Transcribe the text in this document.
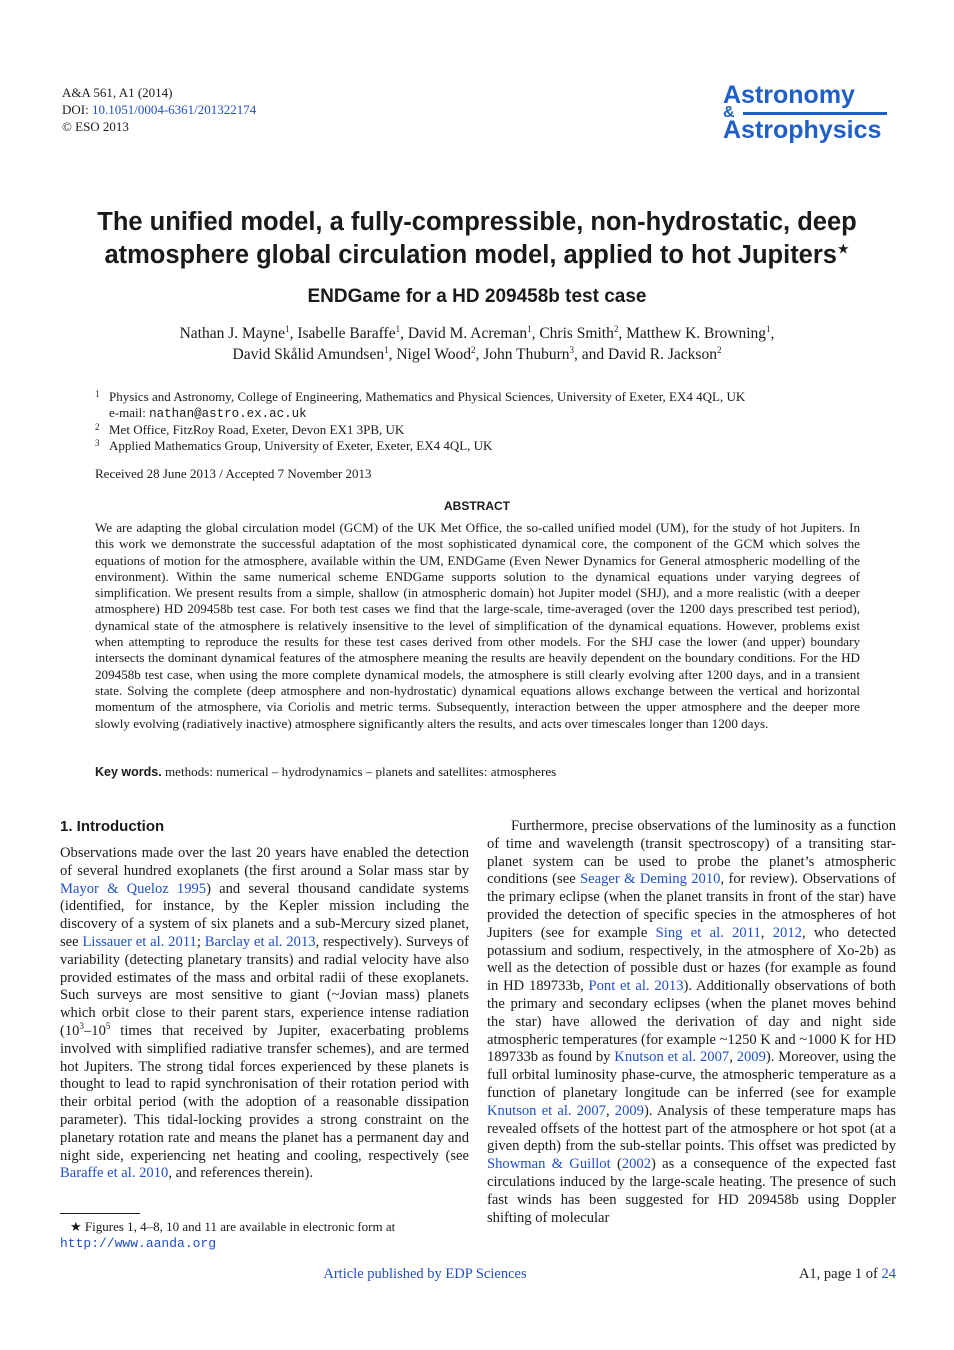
A&A 561, A1 (2014)
DOI: 10.1051/0004-6361/201322174
© ESO 2013
Astronomy
&
Astrophysics
The unified model, a fully-compressible, non-hydrostatic, deep
atmosphere global circulation model, applied to hot Jupiters★
ENDGame for a HD 209458b test case
Nathan J. Mayne$^1$, Isabelle Baraffe$^1$, David M. Acreman$^1$, Chris Smith$^2$, Matthew K. Browning$^1$,
David Skålid Amundsen$^1$, Nigel Wood$^2$, John Thuburn$^3$, and David R. Jackson$^2$
1 Physics and Astronomy, College of Engineering, Mathematics and Physical Sciences, University of Exeter, EX4 4QL, UK
e-mail: nathan@astro.ex.ac.uk
2 Met Office, FitzRoy Road, Exeter, Devon EX1 3PB, UK
3 Applied Mathematics Group, University of Exeter, Exeter, EX4 4QL, UK
Received 28 June 2013 / Accepted 7 November 2013
ABSTRACT
We are adapting the global circulation model (GCM) of the UK Met Office, the so-called unified model (UM), for the study of hot Jupiters. In this work we demonstrate the successful adaptation of the most sophisticated dynamical core, the component of the GCM which solves the equations of motion for the atmosphere, available within the UM, ENDGame (Even Newer Dynamics for General atmospheric modelling of the environment). Within the same numerical scheme ENDGame supports solution to the dynamical equations under varying degrees of simplification. We present results from a simple, shallow (in atmospheric domain) hot Jupiter model (SHJ), and a more realistic (with a deeper atmosphere) HD 209458b test case. For both test cases we find that the large-scale, time-averaged (over the 1200 days prescribed test period), dynamical state of the atmosphere is relatively insensitive to the level of simplification of the dynamical equations. However, problems exist when attempting to reproduce the results for these test cases derived from other models. For the SHJ case the lower (and upper) boundary intersects the dominant dynamical features of the atmosphere meaning the results are heavily dependent on the boundary conditions. For the HD 209458b test case, when using the more complete dynamical models, the atmosphere is still clearly evolving after 1200 days, and in a transient state. Solving the complete (deep atmosphere and non-hydrostatic) dynamical equations allows exchange between the vertical and horizontal momentum of the atmosphere, via Coriolis and metric terms. Subsequently, interaction between the upper atmosphere and the deeper more slowly evolving (radiatively inactive) atmosphere significantly alters the results, and acts over timescales longer than 1200 days.
Key words. methods: numerical – hydrodynamics – planets and satellites: atmospheres
1. Introduction

Observations made over the last 20 years have enabled the detection of several hundred exoplanets (the first around a Solar mass star by Mayor & Queloz 1995) and several thousand candidate systems (identified, for instance, by the Kepler mission including the discovery of a system of six planets and a sub-Mercury sized planet, see Lissauer et al. 2011; Barclay et al. 2013, respectively). Surveys of variability (detecting planetary transits) and radial velocity have also provided estimates of the mass and orbital radii of these exoplanets. Such surveys are most sensitive to giant (~Jovian mass) planets which orbit close to their parent stars, experience intense radiation ($10^3-10^5$ times that received by Jupiter, exacerbating problems involved with simplified radiative transfer schemes), and are termed hot Jupiters. The strong tidal forces experienced by these planets is thought to lead to rapid synchronisation of their rotation period with their orbital period (with the adoption of a reasonable dissipation parameter). This tidal-locking provides a strong constraint on the planetary rotation rate and means the planet has a permanent day and night side, experiencing net heating and cooling, respectively (see Baraffe et al. 2010, and references therein).

Furthermore, precise observations of the luminosity as a function of time and wavelength (transit spectroscopy) of a transiting star-planet system can be used to probe the planet’s atmospheric conditions (see Seager & Deming 2010, for review). Observations of the primary eclipse (when the planet transits in front of the star) have provided the detection of specific species in the atmospheres of hot Jupiters (see for example Sing et al. 2011, 2012, who detected potassium and sodium, respectively, in the atmosphere of Xo-2b) as well as the detection of possible dust or hazes (for example as found in HD 189733b, Pont et al. 2013). Additionally observations of both the primary and secondary eclipses (when the planet moves behind the star) have allowed the derivation of day and night side atmospheric temperatures (for example ~1250 K and ~1000 K for HD 189733b as found by Knutson et al. 2007, 2009). Moreover, using the full orbital luminosity phase-curve, the atmospheric temperature as a function of planetary longitude can be inferred (see for example Knutson et al. 2007, 2009). Analysis of these temperature maps has revealed offsets of the hottest part of the atmosphere or hot spot (at a given depth) from the sub-stellar points. This offset was predicted by Showman & Guillot (2002) as a consequence of the expected fast circulations induced by the large-scale heating. The presence of such fast winds has been suggested for HD 209458b using Doppler shifting of molecular

★ Figures 1, 4–8, 10 and 11 are available in electronic form at
http://www.aanda.org
Article published by EDP Sciences	A1, page 1 of 24
